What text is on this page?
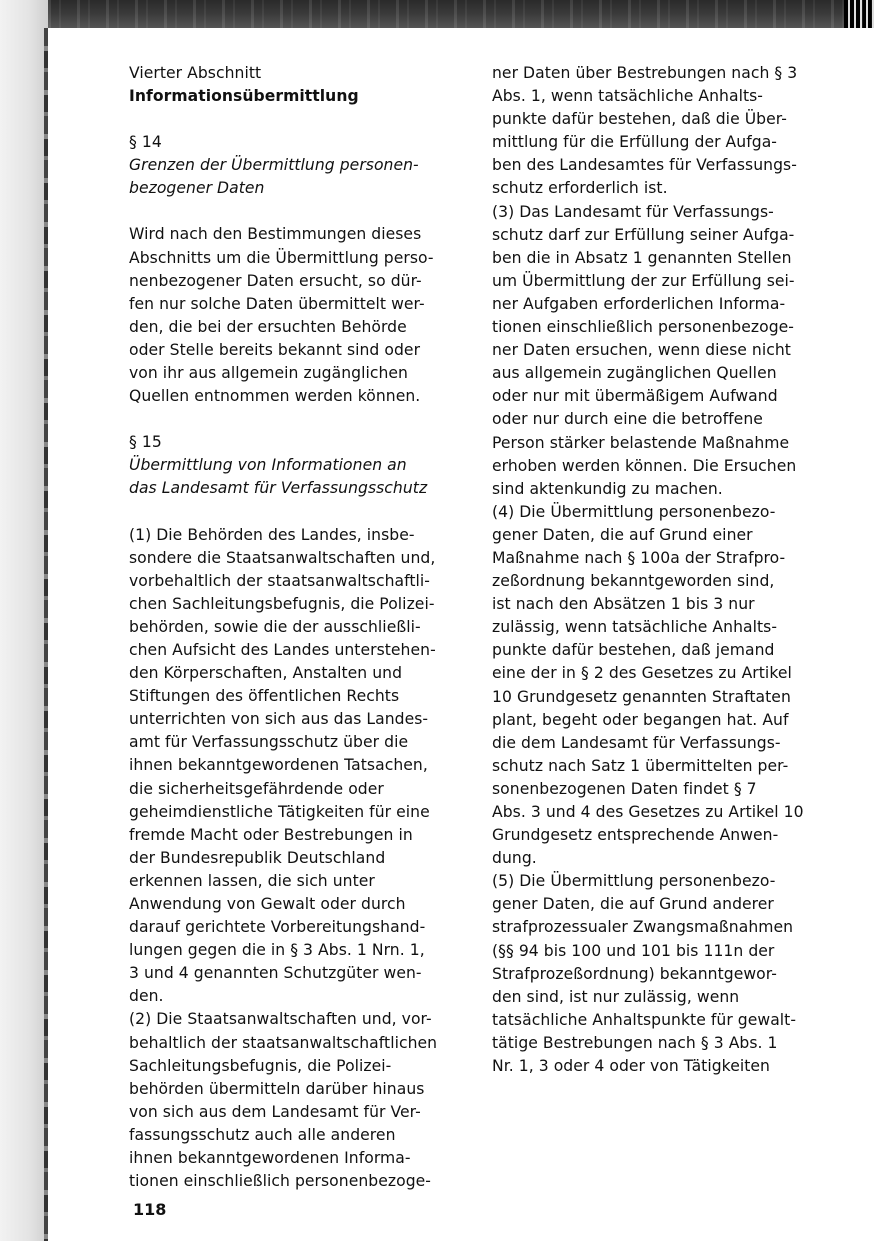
Vierter Abschnitt
Informationsübermittlung
§ 14
Grenzen der Übermittlung personen-
bezogener Daten
Wird nach den Bestimmungen dieses
Abschnitts um die Übermittlung perso-
nenbezogener Daten ersucht, so dür-
fen nur solche Daten übermittelt wer-
den, die bei der ersuchten Behörde
oder Stelle bereits bekannt sind oder
von ihr aus allgemein zugänglichen
Quellen entnommen werden können.
§ 15
Übermittlung von Informationen an
das Landesamt für Verfassungsschutz
(1) Die Behörden des Landes, insbe-
sondere die Staatsanwaltschaften und,
vorbehaltlich der staatsanwaltschaftli-
chen Sachleitungsbefugnis, die Polizei-
behörden, sowie die der ausschließli-
chen Aufsicht des Landes unterstehen-
den Körperschaften, Anstalten und
Stiftungen des öffentlichen Rechts
unterrichten von sich aus das Landes-
amt für Verfassungsschutz über die
ihnen bekanntgewordenen Tatsachen,
die sicherheitsgefährdende oder
geheimdienstliche Tätigkeiten für eine
fremde Macht oder Bestrebungen in
der Bundesrepublik Deutschland
erkennen lassen, die sich unter
Anwendung von Gewalt oder durch
darauf gerichtete Vorbereitungshand-
lungen gegen die in § 3 Abs. 1 Nrn. 1,
3 und 4 genannten Schutzgüter wen-
den.
(2) Die Staatsanwaltschaften und, vor-
behaltlich der staatsanwaltschaftlichen
Sachleitungsbefugnis, die Polizei-
behörden übermitteln darüber hinaus
von sich aus dem Landesamt für Ver-
fassungsschutz auch alle anderen
ihnen bekanntgewordenen Informa-
tionen einschließlich personenbezoge-
ner Daten über Bestrebungen nach § 3
Abs. 1, wenn tatsächliche Anhalts-
punkte dafür bestehen, daß die Über-
mittlung für die Erfüllung der Aufga-
ben des Landesamtes für Verfassungs-
schutz erforderlich ist.
(3) Das Landesamt für Verfassungs-
schutz darf zur Erfüllung seiner Aufga-
ben die in Absatz 1 genannten Stellen
um Übermittlung der zur Erfüllung sei-
ner Aufgaben erforderlichen Informa-
tionen einschließlich personenbezoge-
ner Daten ersuchen, wenn diese nicht
aus allgemein zugänglichen Quellen
oder nur mit übermäßigem Aufwand
oder nur durch eine die betroffene
Person stärker belastende Maßnahme
erhoben werden können. Die Ersuchen
sind aktenkundig zu machen.
(4) Die Übermittlung personenbezo-
gener Daten, die auf Grund einer
Maßnahme nach § 100a der Strafpro-
zeßordnung bekanntgeworden sind,
ist nach den Absätzen 1 bis 3 nur
zulässig, wenn tatsächliche Anhalts-
punkte dafür bestehen, daß jemand
eine der in § 2 des Gesetzes zu Artikel
10 Grundgesetz genannten Straftaten
plant, begeht oder begangen hat. Auf
die dem Landesamt für Verfassungs-
schutz nach Satz 1 übermittelten per-
sonenbezogenen Daten findet § 7
Abs. 3 und 4 des Gesetzes zu Artikel 10
Grundgesetz entsprechende Anwen-
dung.
(5) Die Übermittlung personenbezo-
gener Daten, die auf Grund anderer
strafprozessualer Zwangsmaßnahmen
(§§ 94 bis 100 und 101 bis 111n der
Strafprozeßordnung) bekanntgewor-
den sind, ist nur zulässig, wenn
tatsächliche Anhaltspunkte für gewalt-
tätige Bestrebungen nach § 3 Abs. 1
Nr. 1, 3 oder 4 oder von Tätigkeiten
118
